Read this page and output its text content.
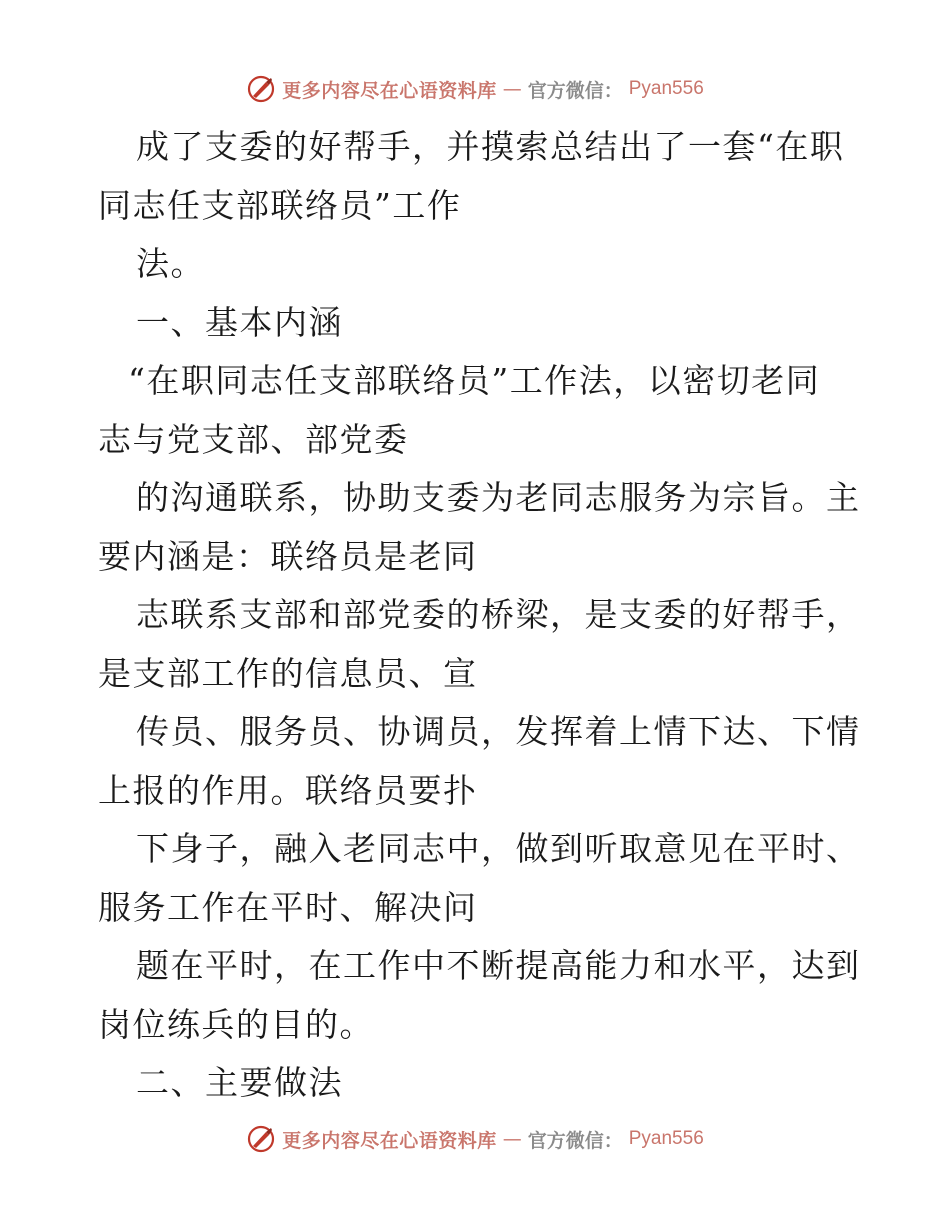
更多内容尽在心语资料库 — 官方微信： Pyan556
成了支委的好帮手，并摸索总结出了一套“在职
同志任支部联络员”工作
法。
一、基本内涵
“在职同志任支部联络员”工作法，以密切老同
志与党支部、部党委
的沟通联系，协助支委为老同志服务为宗旨。主
要内涵是：联络员是老同
志联系支部和部党委的桥梁，是支委的好帮手，
是支部工作的信息员、宣
传员、服务员、协调员，发挥着上情下达、下情
上报的作用。联络员要扑
下身子，融入老同志中，做到听取意见在平时、
服务工作在平时、解决问
题在平时，在工作中不断提高能力和水平，达到
岗位练兵的目的。
二、主要做法
更多内容尽在心语资料库 — 官方微信： Pyan556
